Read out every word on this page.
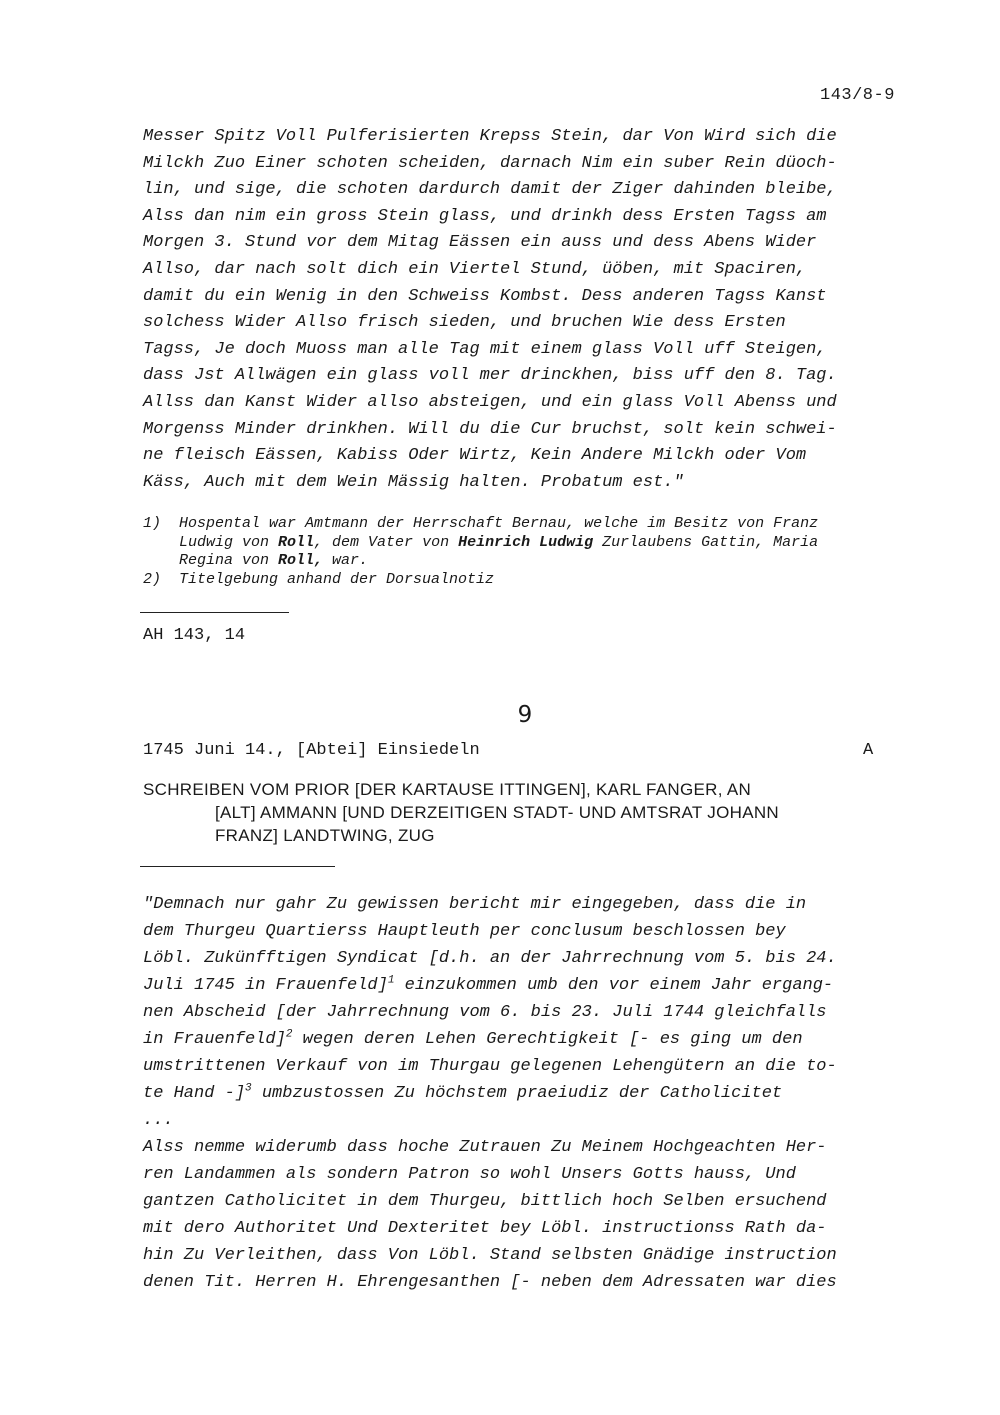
143/8-9
Messer Spitz Voll Pulferisierten Krepss Stein, dar Von Wird sich die
Milckh Zuo Einer schoten scheiden, darnach Nim ein suber Rein düoch-
lin, und sige, die schoten dardurch damit der Ziger dahinden bleibe,
Alss dan nim ein gross Stein glass, und drinkh dess Ersten Tagss am
Morgen 3. Stund vor dem Mitag Eässen ein auss und dess Abens Wider
Allso, dar nach solt dich ein Viertel Stund, üöben, mit Spaciren,
damit du ein Wenig in den Schweiss Kombst. Dess anderen Tagss Kanst
solchess Wider Allso frisch sieden, und bruchen Wie dess Ersten
Tagss, Je doch Muoss man alle Tag mit einem glass Voll uff Steigen,
dass Jst Allwägen ein glass voll mer drinckhen, biss uff den 8. Tag.
Allss dan Kanst Wider allso absteigen, und ein glass Voll Abenss und
Morgenss Minder drinkhen. Will du die Cur bruchst, solt kein schwei-
ne fleisch Eässen, Kabiss Oder Wirtz, Kein Andere Milckh oder Vom
Käss, Auch mit dem Wein Mässig halten. Probatum est."
1)	Hospental war Amtmann der Herrschaft Bernau, welche im Besitz von Franz
Ludwig von Roll, dem Vater von Heinrich Ludwig Zurlaubens Gattin, Maria
Regina von Roll, war.
2)	Titelgebung anhand der Dorsualnotiz
AH 143, 14
9
1745 Juni 14., [Abtei] Einsiedeln	A
SCHREIBEN VOM PRIOR [DER KARTAUSE ITTINGEN], KARL FANGER, AN
[ALT] AMMANN [UND DERZEITIGEN STADT- UND AMTSRAT JOHANN
FRANZ] LANDTWING, ZUG
"Demnach nur gahr Zu gewissen bericht mir eingegeben, dass die in
dem Thurgeu Quartierss Hauptleuth per conclusum beschlossen bey
Löbl. Zukünfftigen Syndicat [d.h. an der Jahrrechnung vom 5. bis 24.
Juli 1745 in Frauenfeld]$^1$ einzukommen umb den vor einem Jahr ergang-
nen Abscheid [der Jahrrechnung vom 6. bis 23. Juli 1744 gleichfalls
in Frauenfeld]$^2$ wegen deren Lehen Gerechtigkeit [- es ging um den
umstrittenen Verkauf von im Thurgau gelegenen Lehengütern an die to-
te Hand -]$^3$ umbzustossen Zu höchstem praeiudiz der Catholicitet
...
Alss nemme widerumb dass hoche Zutrauen Zu Meinem Hochgeachten Her-
ren Landammen als sondern Patron so wohl Unsers Gotts hauss, Und
gantzen Catholicitet in dem Thurgeu, bittlich hoch Selben ersuchend
mit dero Authoritet Und Dexteritet bey Löbl. instructionss Rath da-
hin Zu Verleithen, dass Von Löbl. Stand selbsten Gnädige instruction
denen Tit. Herren H. Ehrengesanthen [- neben dem Adressaten war dies
